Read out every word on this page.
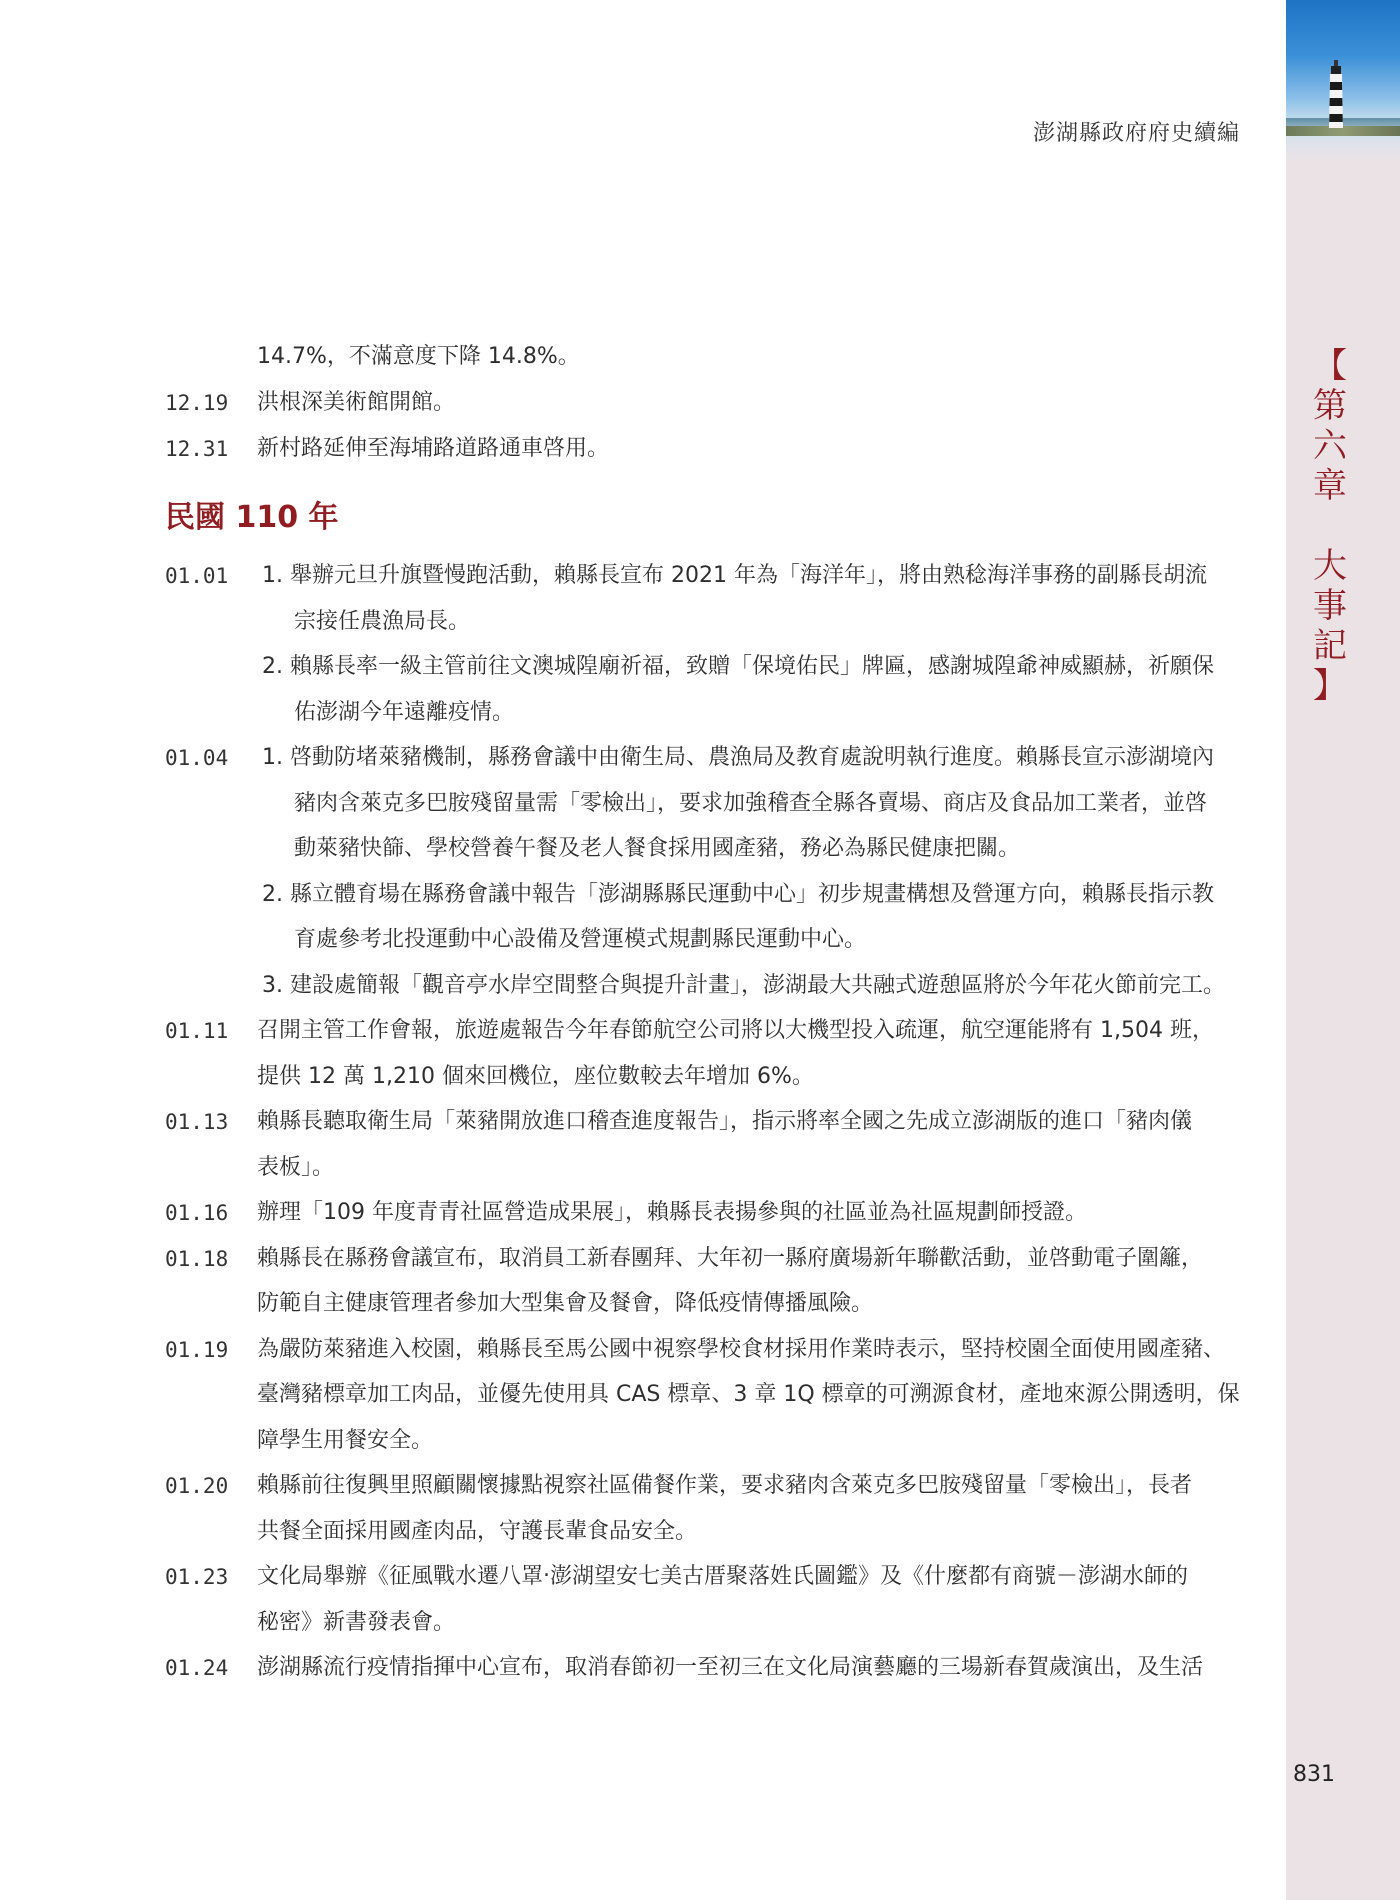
澎湖縣政府府史續編
【
第
六
章

大
事
記
】
831
14.7%，不滿意度下降 14.8%。
12.19 洪根深美術館開館。
12.31 新村路延伸至海埔路道路通車啓用。
民國 110 年
01.01 1. 舉辦元旦升旗暨慢跑活動，賴縣長宣布 2021 年為「海洋年」，將由熟稔海洋事務的副縣長胡流
宗接任農漁局長。
2. 賴縣長率一級主管前往文澳城隍廟祈福，致贈「保境佑民」牌匾，感謝城隍爺神威顯赫，祈願保
佑澎湖今年遠離疫情。
01.04 1. 啓動防堵萊豬機制，縣務會議中由衛生局、農漁局及教育處說明執行進度。賴縣長宣示澎湖境內
豬肉含萊克多巴胺殘留量需「零檢出」，要求加強稽查全縣各賣場、商店及食品加工業者，並啓
動萊豬快篩、學校營養午餐及老人餐食採用國產豬，務必為縣民健康把關。
2. 縣立體育場在縣務會議中報告「澎湖縣縣民運動中心」初步規畫構想及營運方向，賴縣長指示教
育處參考北投運動中心設備及營運模式規劃縣民運動中心。
3. 建設處簡報「觀音亭水岸空間整合與提升計畫」，澎湖最大共融式遊憩區將於今年花火節前完工。
01.11 召開主管工作會報，旅遊處報告今年春節航空公司將以大機型投入疏運，航空運能將有 1,504 班，
提供 12 萬 1,210 個來回機位，座位數較去年增加 6%。
01.13 賴縣長聽取衛生局「萊豬開放進口稽查進度報告」，指示將率全國之先成立澎湖版的進口「豬肉儀
表板」。
01.16 辦理「109 年度青青社區營造成果展」，賴縣長表揚參與的社區並為社區規劃師授證。
01.18 賴縣長在縣務會議宣布，取消員工新春團拜、大年初一縣府廣場新年聯歡活動，並啓動電子圍籬，
防範自主健康管理者參加大型集會及餐會，降低疫情傳播風險。
01.19 為嚴防萊豬進入校園，賴縣長至馬公國中視察學校食材採用作業時表示，堅持校園全面使用國產豬、
臺灣豬標章加工肉品，並優先使用具 CAS 標章、3 章 1Q 標章的可溯源食材，產地來源公開透明，保
障學生用餐安全。
01.20 賴縣前往復興里照顧關懷據點視察社區備餐作業，要求豬肉含萊克多巴胺殘留量「零檢出」，長者
共餐全面採用國產肉品，守護長輩食品安全。
01.23 文化局舉辦《征風戰水遷八罩‧澎湖望安七美古厝聚落姓氏圖鑑》及《什麼都有商號－澎湖水師的
秘密》新書發表會。
01.24 澎湖縣流行疫情指揮中心宣布，取消春節初一至初三在文化局演藝廳的三場新春賀歲演出，及生活
